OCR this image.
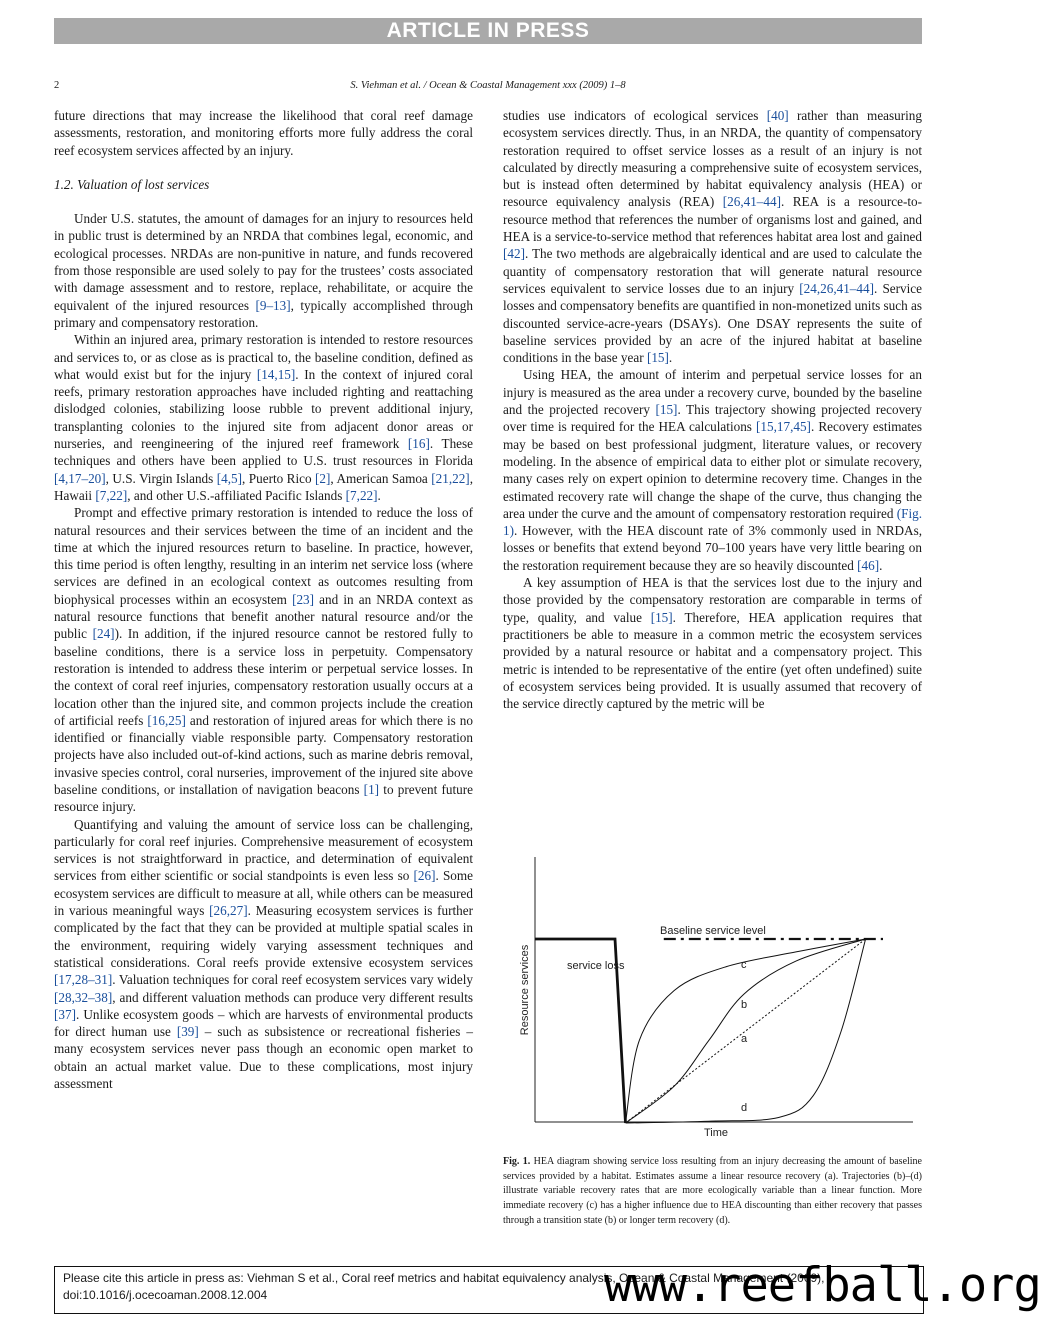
ARTICLE IN PRESS
2	S. Viehman et al. / Ocean & Coastal Management xxx (2009) 1–8

future directions that may increase the likelihood that coral reef damage assessments, restoration, and monitoring efforts more fully address the coral reef ecosystem services affected by an injury.

1.2. Valuation of lost services

Under U.S. statutes, the amount of damages for an injury to resources held in public trust is determined by an NRDA that combines legal, economic, and ecological processes. NRDAs are non-punitive in nature, and funds recovered from those responsible are used solely to pay for the trustees’ costs associated with damage assessment and to restore, replace, rehabilitate, or acquire the equivalent of the injured resources [9–13], typically accomplished through primary and compensatory restoration.

Within an injured area, primary restoration is intended to restore resources and services to, or as close as is practical to, the baseline condition, defined as what would exist but for the injury [14,15]. In the context of injured coral reefs, primary restoration approaches have included righting and reattaching dislodged colonies, stabilizing loose rubble to prevent additional injury, transplanting colonies to the injured site from adjacent donor areas or nurseries, and reengineering of the injured reef framework [16]. These techniques and others have been applied to U.S. trust resources in Florida [4,17–20], U.S. Virgin Islands [4,5], Puerto Rico [2], American Samoa [21,22], Hawaii [7,22], and other U.S.-affiliated Pacific Islands [7,22].

Prompt and effective primary restoration is intended to reduce the loss of natural resources and their services between the time of an incident and the time at which the injured resources return to baseline. In practice, however, this time period is often lengthy, resulting in an interim net service loss (where services are defined in an ecological context as outcomes resulting from biophysical processes within an ecosystem [23] and in an NRDA context as natural resource functions that benefit another natural resource and/or the public [24]). In addition, if the injured resource cannot be restored fully to baseline conditions, there is a service loss in perpetuity. Compensatory restoration is intended to address these interim or perpetual service losses. In the context of coral reef injuries, compensatory restoration usually occurs at a location other than the injured site, and common projects include the creation of artificial reefs [16,25] and restoration of injured areas for which there is no identified or financially viable responsible party. Compensatory restoration projects have also included out-of-kind actions, such as marine debris removal, invasive species control, coral nurseries, improvement of the injured site above baseline conditions, or installation of navigation beacons [1] to prevent future resource injury.

Quantifying and valuing the amount of service loss can be challenging, particularly for coral reef injuries. Comprehensive measurement of ecosystem services is not straightforward in practice, and determination of equivalent services from either scientific or social standpoints is even less so [26]. Some ecosystem services are difficult to measure at all, while others can be measured in various meaningful ways [26,27]. Measuring ecosystem services is further complicated by the fact that they can be provided at multiple spatial scales in the environment, requiring widely varying assessment techniques and statistical considerations. Coral reefs provide extensive ecosystem services [17,28–31]. Valuation techniques for coral reef ecosystem services vary widely [28,32–38], and different valuation methods can produce very different results [37]. Unlike ecosystem goods – which are harvests of environmental products for direct human use [39] – such as subsistence or recreational fisheries – many ecosystem services never pass though an economic open market to obtain an actual market value. Due to these complications, most injury assessment

studies use indicators of ecological services [40] rather than measuring ecosystem services directly. Thus, in an NRDA, the quantity of compensatory restoration required to offset service losses as a result of an injury is not calculated by directly measuring a comprehensive suite of ecosystem services, but is instead often determined by habitat equivalency analysis (HEA) or resource equivalency analysis (REA) [26,41–44]. REA is a resource-to-resource method that references the number of organisms lost and gained, and HEA is a service-to-service method that references habitat area lost and gained [42]. The two methods are algebraically identical and are used to calculate the quantity of compensatory restoration that will generate natural resource services equivalent to service losses due to an injury [24,26,41–44]. Service losses and compensatory benefits are quantified in non-monetized units such as discounted service-acre-years (DSAYs). One DSAY represents the suite of baseline services provided by an acre of the injured habitat at baseline conditions in the base year [15].

Using HEA, the amount of interim and perpetual service losses for an injury is measured as the area under a recovery curve, bounded by the baseline and the projected recovery [15]. This trajectory showing projected recovery over time is required for the HEA calculations [15,17,45]. Recovery estimates may be based on best professional judgment, literature values, or recovery modeling. In the absence of empirical data to either plot or simulate recovery, many cases rely on expert opinion to determine recovery time. Changes in the estimated recovery rate will change the shape of the curve, thus changing the area under the curve and the amount of compensatory restoration required (Fig. 1). However, with the HEA discount rate of 3% commonly used in NRDAs, losses or benefits that extend beyond 70–100 years have very little bearing on the restoration requirement because they are so heavily discounted [46].

A key assumption of HEA is that the services lost due to the injury and those provided by the compensatory restoration are comparable in terms of type, quality, and value [15]. Therefore, HEA application requires that practitioners be able to measure in a common metric the ecosystem services provided by a natural resource or habitat and a compensatory project. This metric is intended to be representative of the entire (yet often undefined) suite of ecosystem services being provided. It is usually assumed that recovery of the service directly captured by the metric will be

Resource services
Time
Baseline service level
service loss
a
b
c
d
Fig. 1. HEA diagram showing service loss resulting from an injury decreasing the amount of baseline services provided by a habitat. Estimates assume a linear resource recovery (a). Trajectories (b)–(d) illustrate variable recovery rates that are more ecologically variable than a linear function. More immediate recovery (c) has a higher influence due to HEA discounting than either recovery that passes through a transition state (b) or longer term recovery (d).
Please cite this article in press as: Viehman S et al., Coral reef metrics and habitat equivalency analysis, Ocean & Coastal Management (2009),
doi:10.1016/j.ocecoaman.2008.12.004	www.reefball.org
